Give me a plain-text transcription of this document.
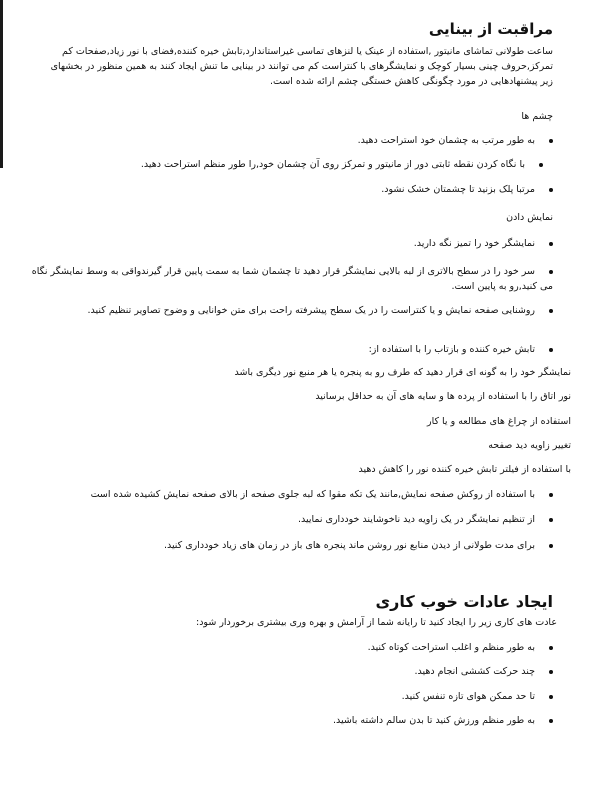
مراقبت از بینایی
ساعت طولانی تماشای مانیتور ,استفاده از عینک یا لنزهای تماسی غیراستاندارد,تابش خیره کننده,فضای با نور زیاد,صفحات کم تمرکز,حروف چینی بسیار کوچک و نمایشگرهای با کنتراست کم می توانند در بینایی ما تنش ایجاد کنند به همین منظور در بخشهای زیر پیشنهادهایی در مورد چگونگی کاهش خستگی چشم ارائه شده است.
چشم ها
به طور مرتب به چشمان خود استراحت دهید.
با نگاه کردن نقطه ثابتی دور از مانیتور و تمرکز روی آن چشمان خود,را طور منظم استراحت دهید.
مرتبا پلک بزنید تا چشمتان خشک نشود.
نمایش دادن
نمایشگر خود را تمیز نگه دارید.
سر خود را در سطح بالاتری از لبه بالایی نمایشگر قرار دهید تا چشمان شما به سمت پایین قرار گیرندواقی به وسط نمایشگر نگاه می کنید,رو به پایین است.
روشنایی صفحه نمایش و یا کنتراست را در یک سطح پیشرفته راحت برای متن خوانایی و وضوح تصاویر تنظیم کنید.
تابش خیره کننده و بازتاب را با استفاده از:
نمایشگر خود را به گونه ای قرار دهید که طرف رو به پنجره یا هر منبع نور دیگری باشد
نور اتاق را با استفاده از پرده ها و سایه های آن به حداقل برسانید
استفاده از چراغ های مطالعه و یا کار
تغییر زاویه دید صفحه
با استفاده از فیلتر تابش خیره کننده نور را کاهش دهید
با استفاده از روکش صفحه نمایش,مانند یک تکه مقوا که لبه جلوی صفحه از بالای صفحه نمایش کشیده شده است
از تنظیم نمایشگر در یک زاویه دید ناخوشایند خودداری نمایید.
برای مدت طولانی از دیدن منابع نور روشن ماند پنجره های باز در زمان های زیاد خودداری کنید.
ایجاد عادات خوب کاری
عادت های کاری زیر را ایجاد کنید تا رایانه شما از آرامش و بهره وری بیشتری برخوردار شود:
به طور منظم و اغلب استراحت کوتاه کنید.
چند حرکت کششی انجام دهید.
تا حد ممکن هوای تازه تنفس کنید.
به طور منظم ورزش کنید تا بدن سالم داشته باشید.
